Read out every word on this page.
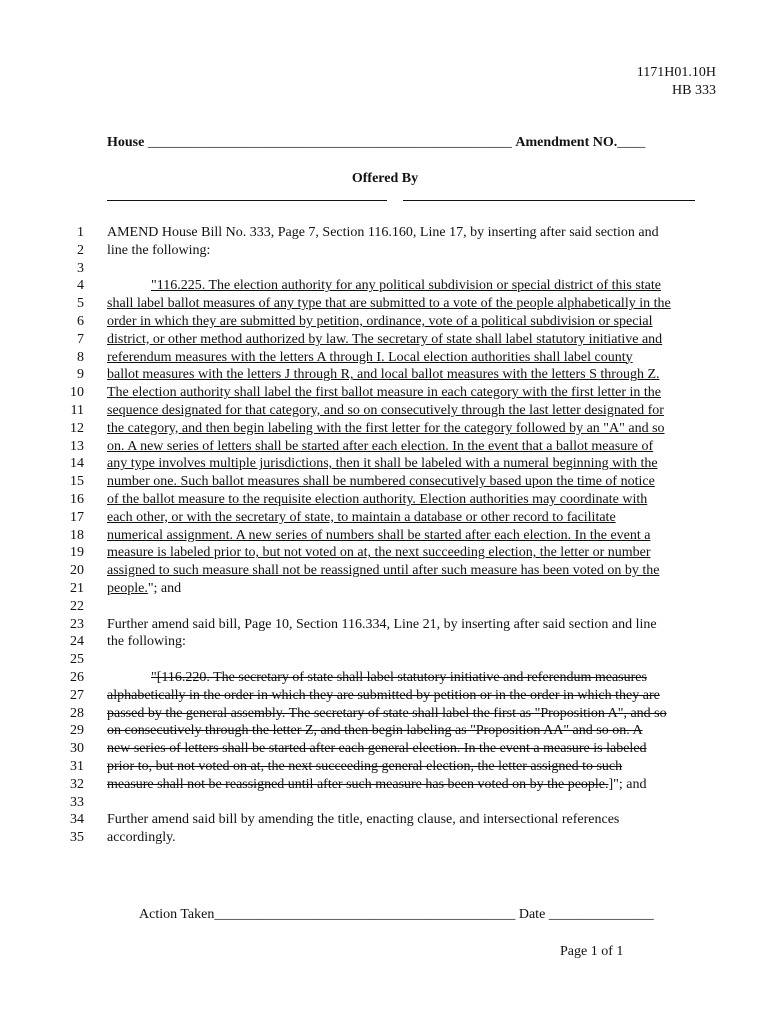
1171H01.10H
HB 333
House ____________________________________________________ Amendment NO.____
Offered By
1 AMEND House Bill No. 333, Page 7, Section 116.160, Line 17, by inserting after said section and
2 line the following:
3
4	"116.225. The election authority for any political subdivision or special district of this state
5 shall label ballot measures of any type that are submitted to a vote of the people alphabetically in the
6 order in which they are submitted by petition, ordinance, vote of a political subdivision or special
7 district, or other method authorized by law. The secretary of state shall label statutory initiative and
8 referendum measures with the letters A through I. Local election authorities shall label county
9 ballot measures with the letters J through R, and local ballot measures with the letters S through Z.
10 The election authority shall label the first ballot measure in each category with the first letter in the
11 sequence designated for that category, and so on consecutively through the last letter designated for
12 the category, and then begin labeling with the first letter for the category followed by an "A" and so
13 on. A new series of letters shall be started after each election. In the event that a ballot measure of
14 any type involves multiple jurisdictions, then it shall be labeled with a numeral beginning with the
15 number one. Such ballot measures shall be numbered consecutively based upon the time of notice
16 of the ballot measure to the requisite election authority. Election authorities may coordinate with
17 each other, or with the secretary of state, to maintain a database or other record to facilitate
18 numerical assignment. A new series of numbers shall be started after each election. In the event a
19 measure is labeled prior to, but not voted on at, the next succeeding election, the letter or number
20 assigned to such measure shall not be reassigned until after such measure has been voted on by the
21 people."; and
22
23 Further amend said bill, Page 10, Section 116.334, Line 21, by inserting after said section and line
24 the following:
25
26	"[116.220. The secretary of state shall label statutory initiative and referendum measures
27 alphabetically in the order in which they are submitted by petition or in the order in which they are
28 passed by the general assembly. The secretary of state shall label the first as "Proposition A", and so
29 on consecutively through the letter Z, and then begin labeling as "Proposition AA" and so on. A
30 new series of letters shall be started after each general election. In the event a measure is labeled
31 prior to, but not voted on at, the next succeeding general election, the letter assigned to such
32 measure shall not be reassigned until after such measure has been voted on by the people.]"; and
33
34 Further amend said bill by amending the title, enacting clause, and intersectional references
35 accordingly.
Action Taken___________________________________________ Date _______________
Page 1 of 1
